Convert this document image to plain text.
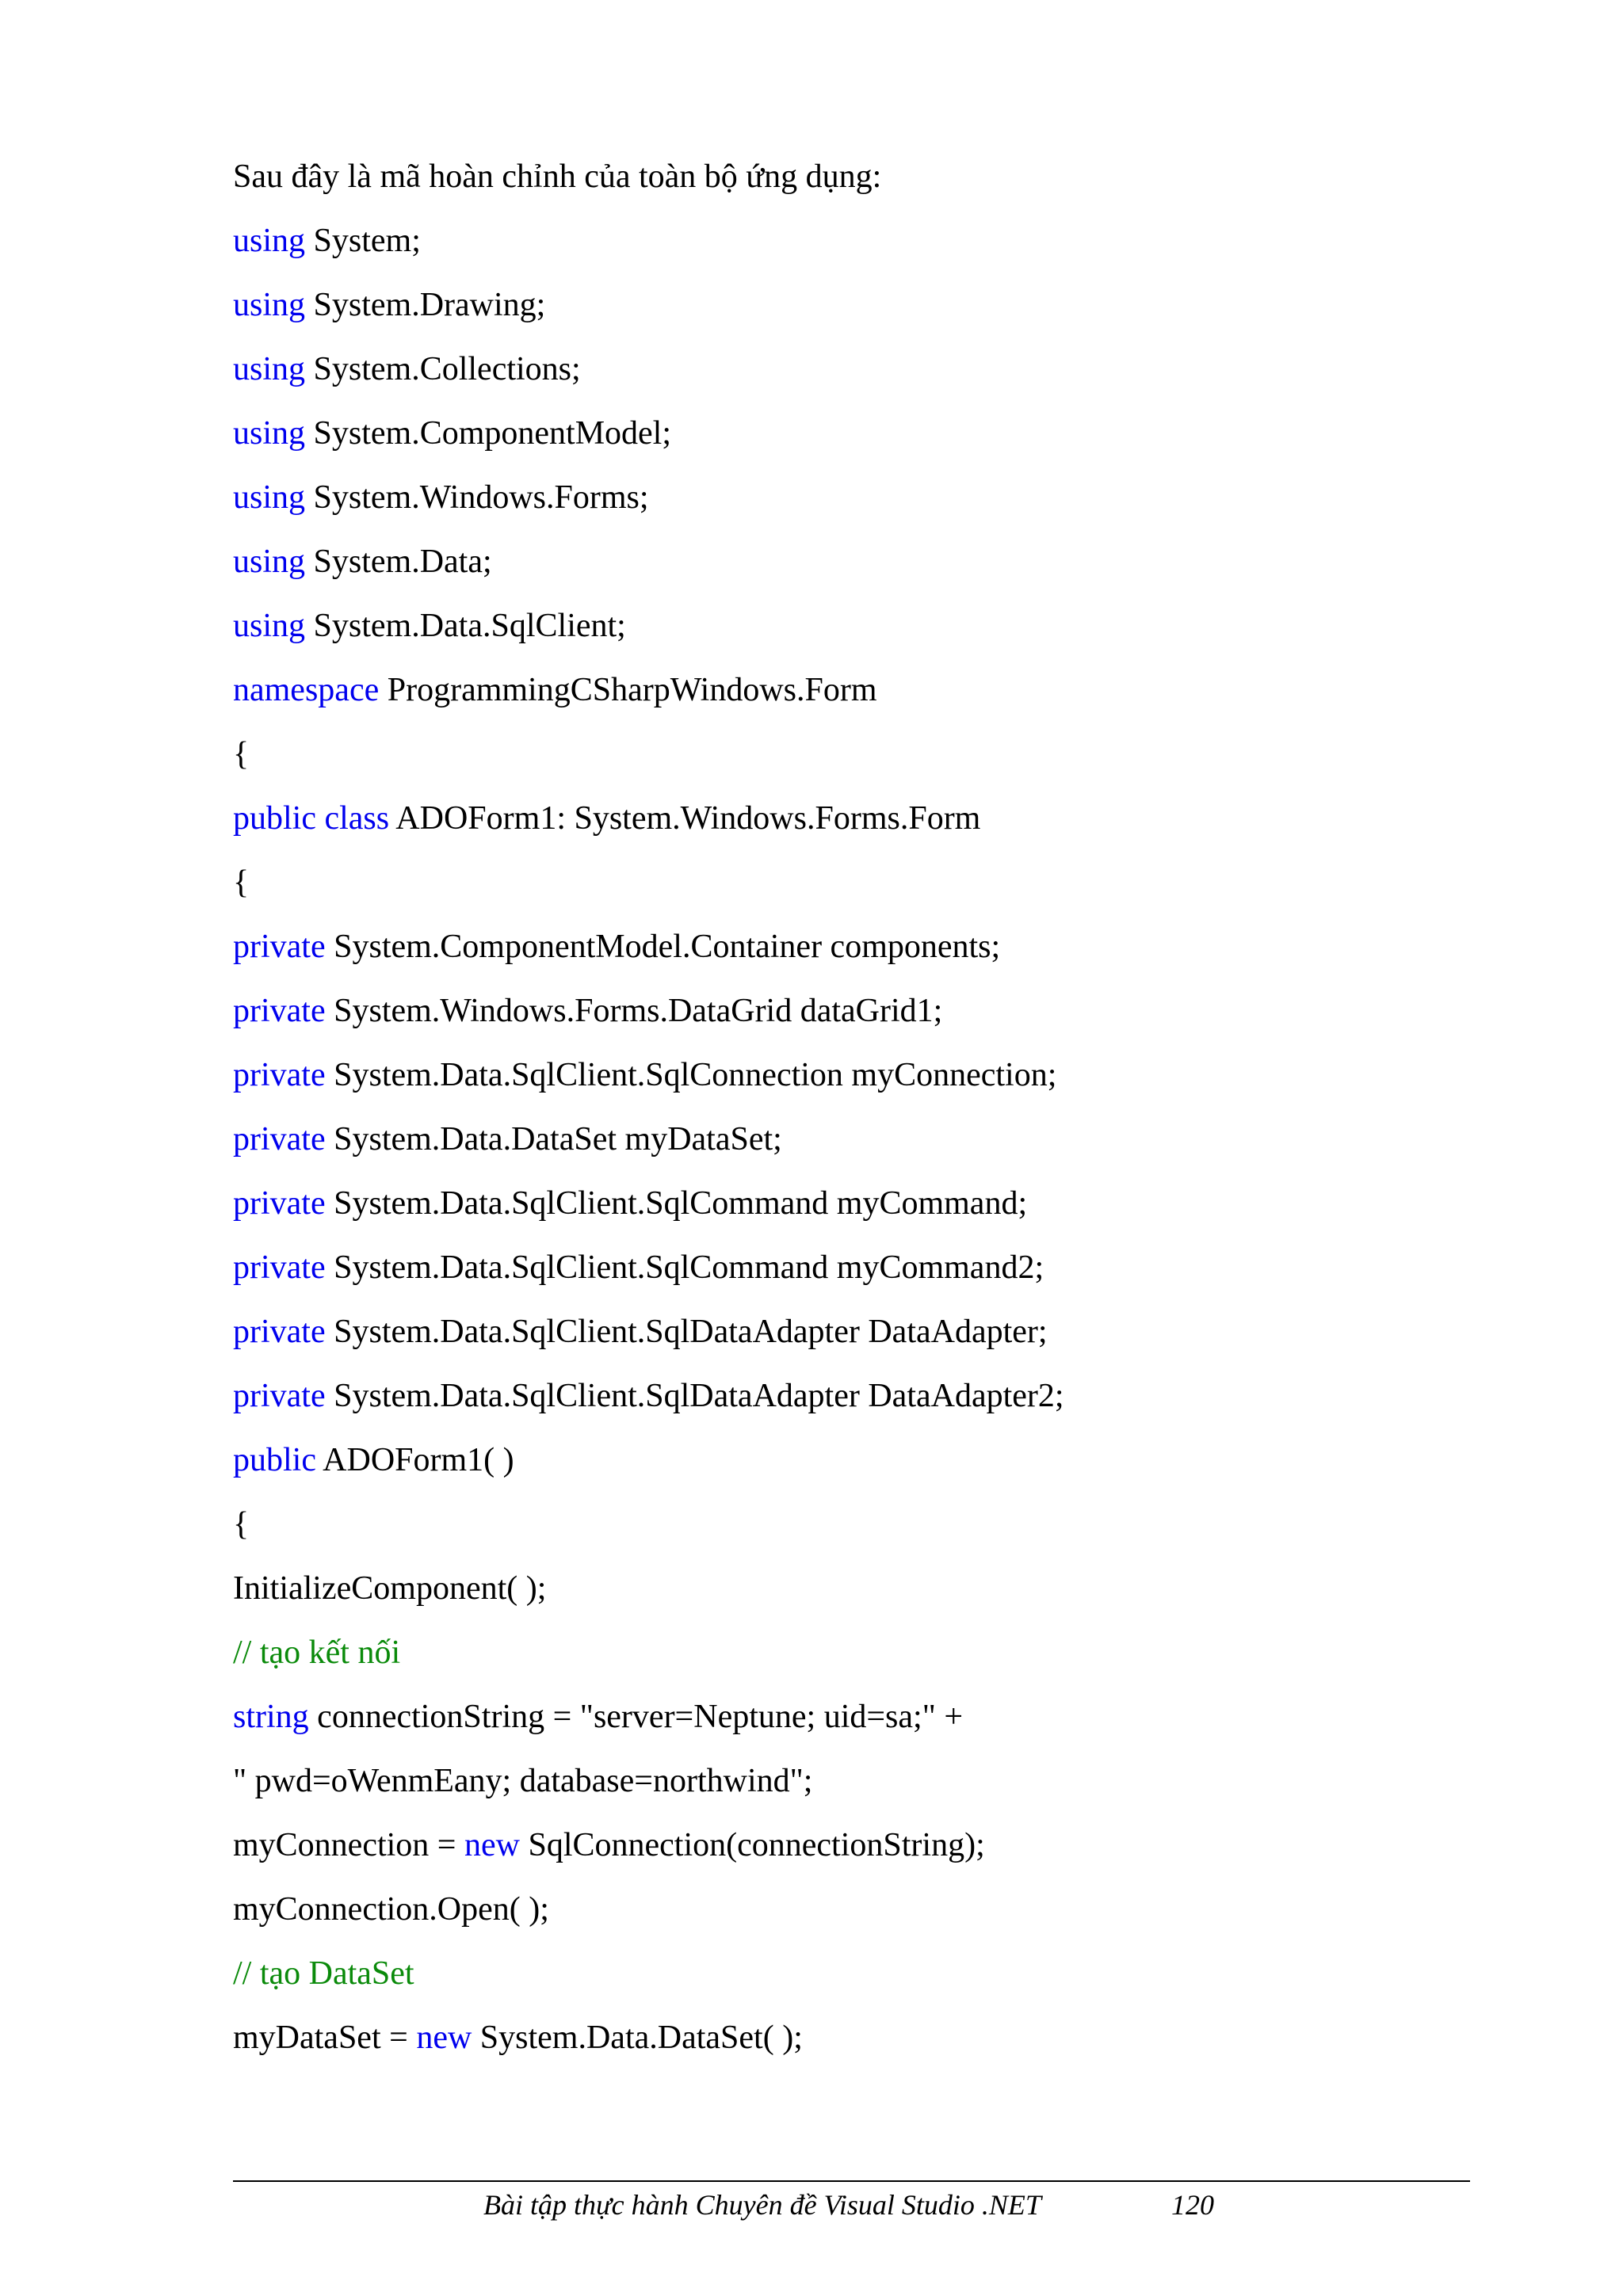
Sau đây là mã hoàn chỉnh của toàn bộ ứng dụng:
using System;
using System.Drawing;
using System.Collections;
using System.ComponentModel;
using System.Windows.Forms;
using System.Data;
using System.Data.SqlClient;
namespace ProgrammingCSharpWindows.Form
{
public class ADOForm1: System.Windows.Forms.Form
{
private System.ComponentModel.Container components;
private System.Windows.Forms.DataGrid dataGrid1;
private System.Data.SqlClient.SqlConnection myConnection;
private System.Data.DataSet myDataSet;
private System.Data.SqlClient.SqlCommand myCommand;
private System.Data.SqlClient.SqlCommand myCommand2;
private System.Data.SqlClient.SqlDataAdapter DataAdapter;
private System.Data.SqlClient.SqlDataAdapter DataAdapter2;
public ADOForm1( )
{
InitializeComponent( );
// tạo kết nối
string connectionString = "server=Neptune; uid=sa;" +
" pwd=oWenmEany; database=northwind";
myConnection = new SqlConnection(connectionString);
myConnection.Open( );
// tạo DataSet
myDataSet = new System.Data.DataSet( );
Bài tập thực hành Chuyên đề Visual Studio .NET	120
